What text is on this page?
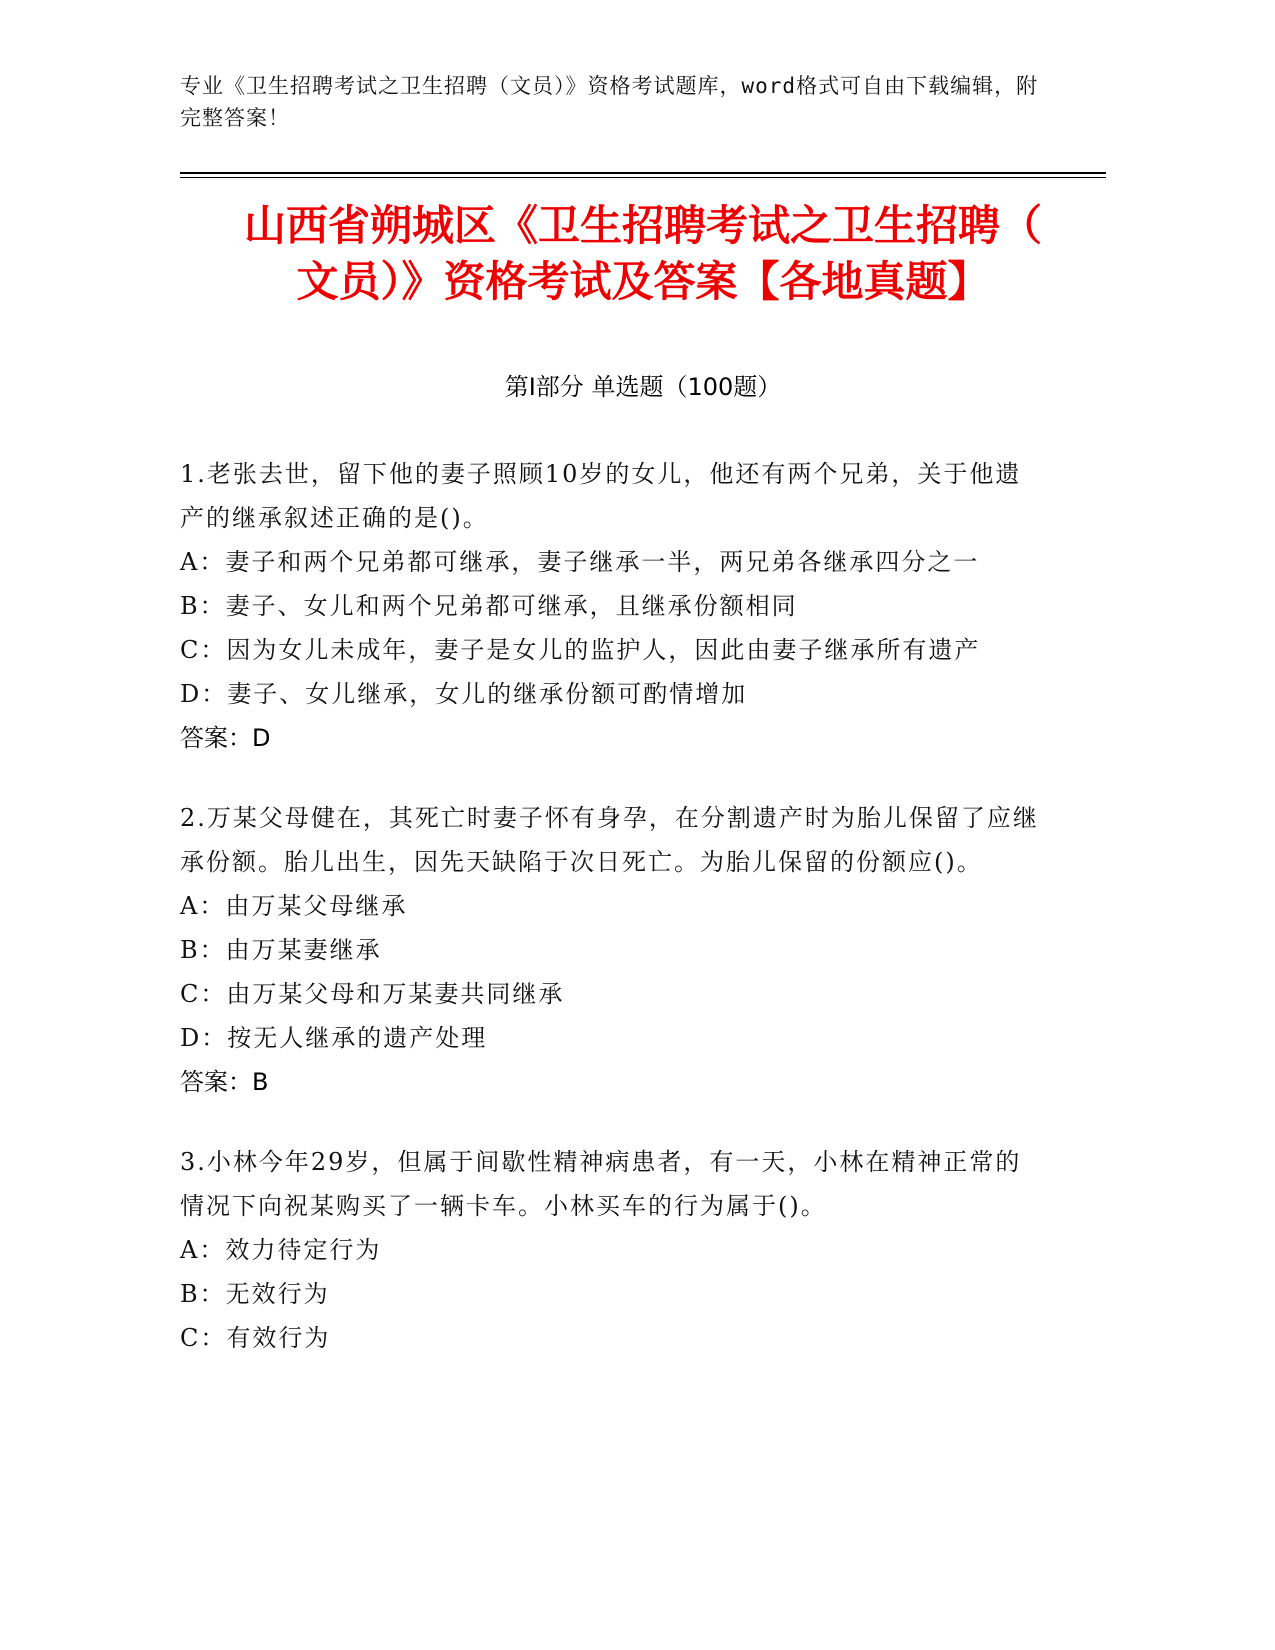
专业《卫生招聘考试之卫生招聘（文员）》资格考试题库，word格式可自由下载编辑，附完整答案！
山西省朔城区《卫生招聘考试之卫生招聘（
文员）》资格考试及答案【各地真题】
第Ⅰ部分 单选题（100题）
1.老张去世，留下他的妻子照顾10岁的女儿，他还有两个兄弟，关于他遗产的继承叙述正确的是()。
A：妻子和两个兄弟都可继承，妻子继承一半，两兄弟各继承四分之一
B：妻子、女儿和两个兄弟都可继承，且继承份额相同
C：因为女儿未成年，妻子是女儿的监护人，因此由妻子继承所有遗产
D：妻子、女儿继承，女儿的继承份额可酌情增加
答案：D
2.万某父母健在，其死亡时妻子怀有身孕，在分割遗产时为胎儿保留了应继承份额。胎儿出生，因先天缺陷于次日死亡。为胎儿保留的份额应()。
A：由万某父母继承
B：由万某妻继承
C：由万某父母和万某妻共同继承
D：按无人继承的遗产处理
答案：B
3.小林今年29岁，但属于间歇性精神病患者，有一天，小林在精神正常的情况下向祝某购买了一辆卡车。小林买车的行为属于()。
A：效力待定行为
B：无效行为
C：有效行为
